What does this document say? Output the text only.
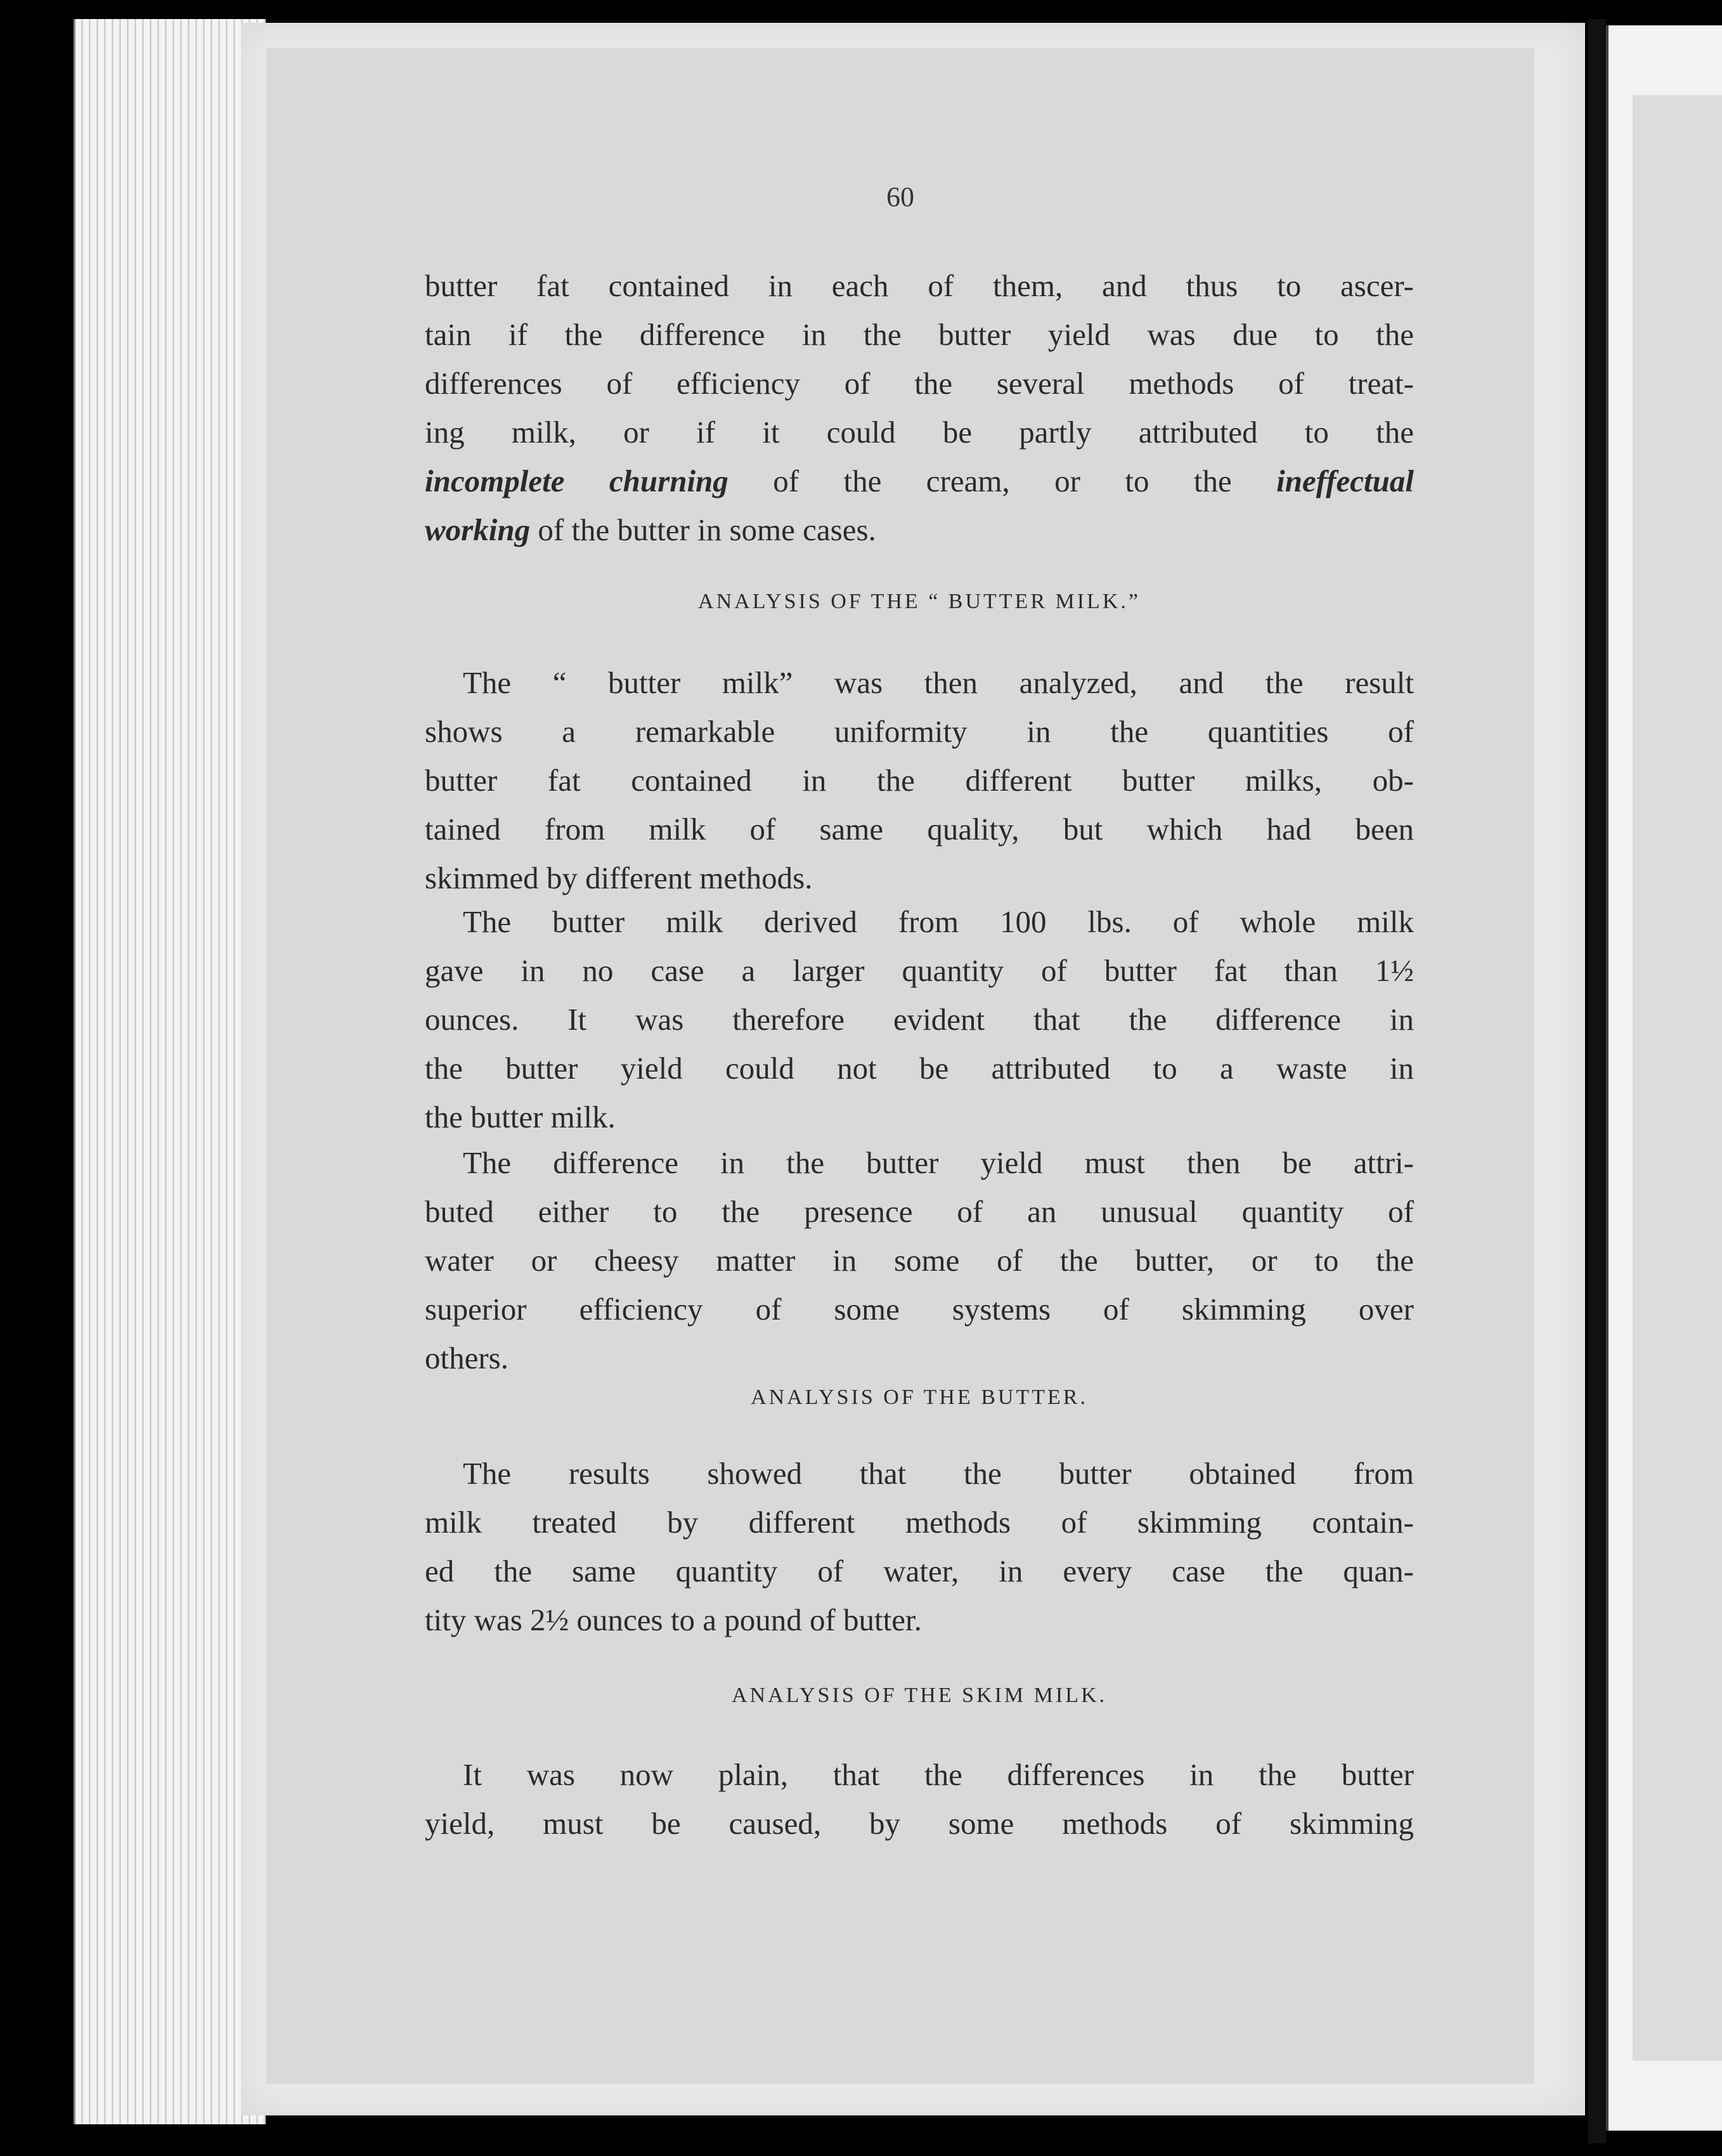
60
butter fat contained in each of them, and thus to ascer-
tain if the difference in the butter yield was due to the
differences of efficiency of the several methods of treat-
ing milk, or if it could be partly attributed to the
incomplete churning of the cream, or to the ineffectual
working of the butter in some cases.
ANALYSIS OF THE “ BUTTER MILK.”
The “ butter milk” was then analyzed, and the result
shows a remarkable uniformity in the quantities of
butter fat contained in the different butter milks, ob-
tained from milk of same quality, but which had been
skimmed by different methods.
The butter milk derived from 100 lbs. of whole milk
gave in no case a larger quantity of butter fat than 1½
ounces. It was therefore evident that the difference in
the butter yield could not be attributed to a waste in
the butter milk.
The difference in the butter yield must then be attri-
buted either to the presence of an unusual quantity of
water or cheesy matter in some of the butter, or to the
superior efficiency of some systems of skimming over
others.
ANALYSIS OF THE BUTTER.
The results showed that the butter obtained from
milk treated by different methods of skimming contain-
ed the same quantity of water, in every case the quan-
tity was 2½ ounces to a pound of butter.
ANALYSIS OF THE SKIM MILK.
It was now plain, that the differences in the butter
yield, must be caused, by some methods of skimming
